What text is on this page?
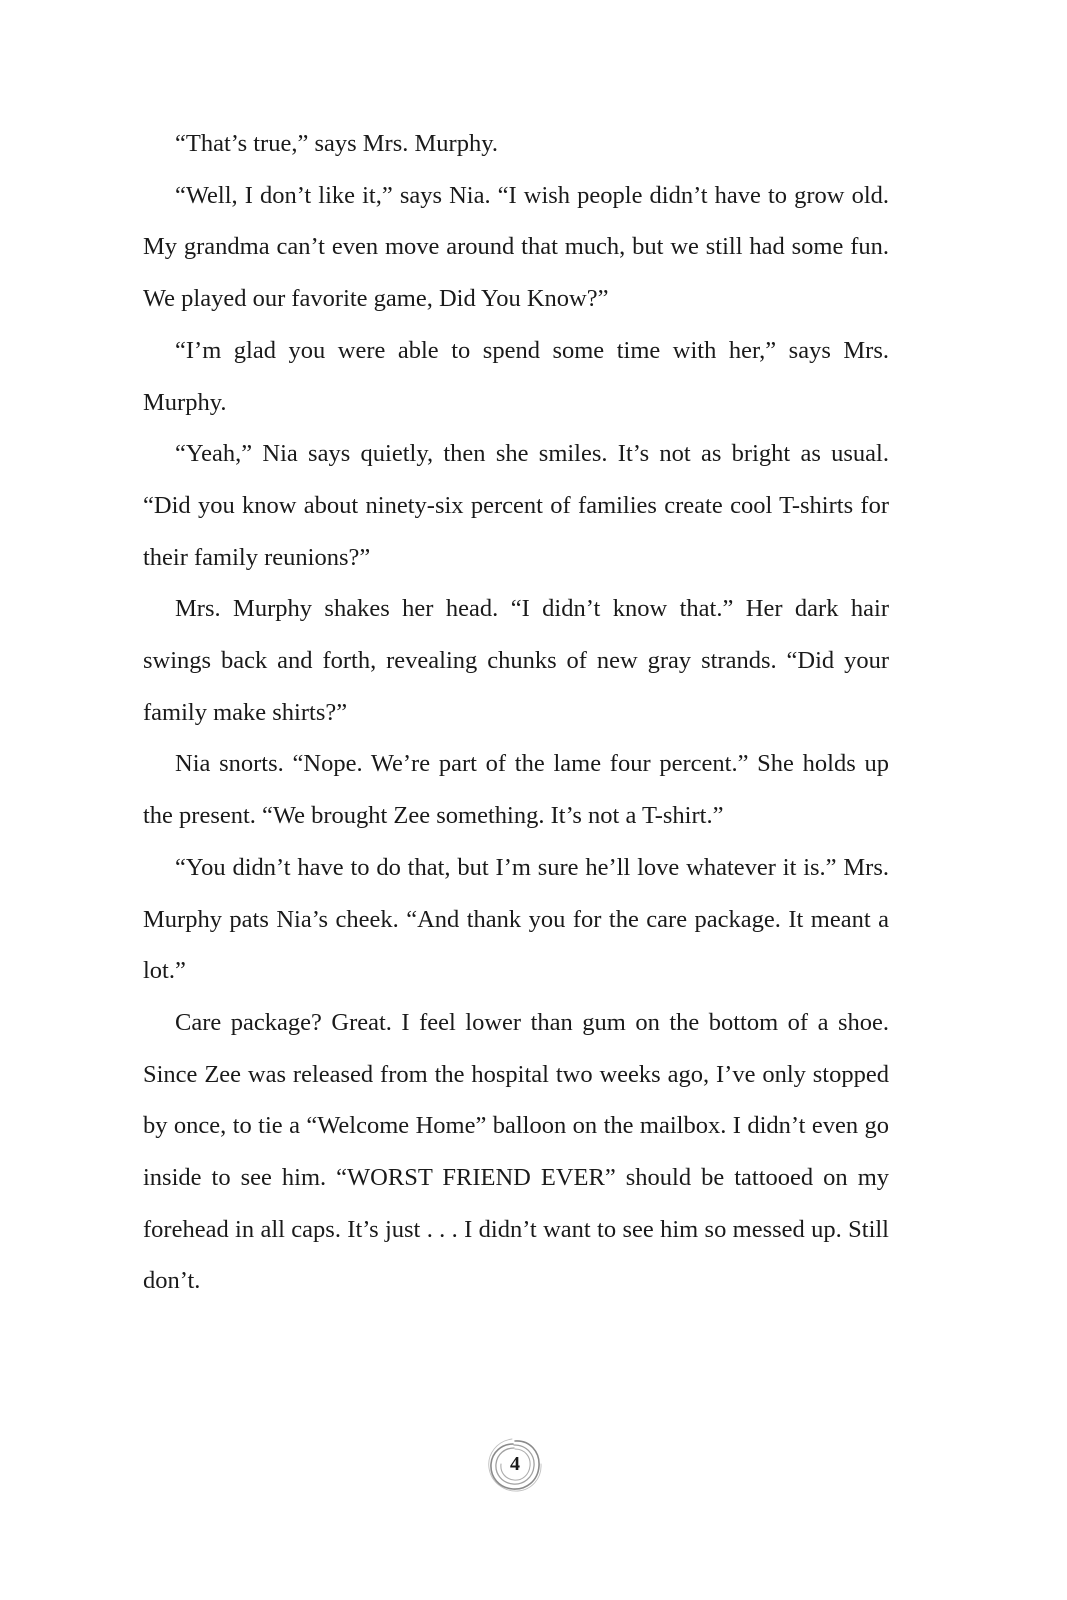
“That’s true,” says Mrs. Murphy.

“Well, I don’t like it,” says Nia. “I wish people didn’t have to grow old. My grandma can’t even move around that much, but we still had some fun. We played our favorite game, Did You Know?”

“I’m glad you were able to spend some time with her,” says Mrs. Murphy.

“Yeah,” Nia says quietly, then she smiles. It’s not as bright as usual. “Did you know about ninety-six percent of families create cool T-shirts for their family reunions?”

Mrs. Murphy shakes her head. “I didn’t know that.” Her dark hair swings back and forth, revealing chunks of new gray strands. “Did your family make shirts?”

Nia snorts. “Nope. We’re part of the lame four percent.” She holds up the present. “We brought Zee something. It’s not a T-shirt.”

“You didn’t have to do that, but I’m sure he’ll love whatever it is.” Mrs. Murphy pats Nia’s cheek. “And thank you for the care package. It meant a lot.”

Care package? Great. I feel lower than gum on the bottom of a shoe. Since Zee was released from the hospital two weeks ago, I’ve only stopped by once, to tie a “Welcome Home” balloon on the mailbox. I didn’t even go inside to see him. “WORST FRIEND EVER” should be tattooed on my forehead in all caps. It’s just . . . I didn’t want to see him so messed up. Still don’t.

4
